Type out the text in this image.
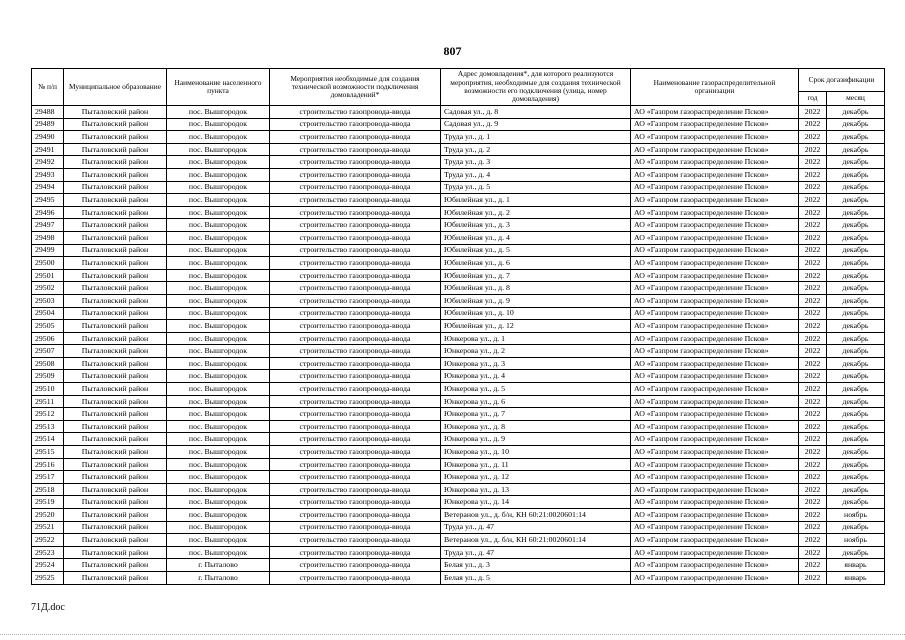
807
№ п/п	Муниципальное образование	Наименование населенного пункта	Мероприятия необходимые для создания технической возможности подключения домовладений*	Адрес домовладения*, для которого реализуются мероприятия, необходимые для создания технической возможности его подключения (улица, номер домовладения)	Наименование газораспределительной организации	Срок догазификации	
						год	месяц
29488	Пыталовский район	пос. Вышгородок	строительство газопровода-ввода	Садовая ул., д. 8	АО «Газпром газораспределение Псков»	2022	декабрь
29489	Пыталовский район	пос. Вышгородок	строительство газопровода-ввода	Садовая ул., д. 9	АО «Газпром газораспределение Псков»	2022	декабрь
29490	Пыталовский район	пос. Вышгородок	строительство газопровода-ввода	Труда ул., д. 1	АО «Газпром газораспределение Псков»	2022	декабрь
29491	Пыталовский район	пос. Вышгородок	строительство газопровода-ввода	Труда ул., д. 2	АО «Газпром газораспределение Псков»	2022	декабрь
29492	Пыталовский район	пос. Вышгородок	строительство газопровода-ввода	Труда ул., д. 3	АО «Газпром газораспределение Псков»	2022	декабрь
29493	Пыталовский район	пос. Вышгородок	строительство газопровода-ввода	Труда ул., д. 4	АО «Газпром газораспределение Псков»	2022	декабрь
29494	Пыталовский район	пос. Вышгородок	строительство газопровода-ввода	Труда ул., д. 5	АО «Газпром газораспределение Псков»	2022	декабрь
29495	Пыталовский район	пос. Вышгородок	строительство газопровода-ввода	Юбилейная ул., д. 1	АО «Газпром газораспределение Псков»	2022	декабрь
29496	Пыталовский район	пос. Вышгородок	строительство газопровода-ввода	Юбилейная ул., д. 2	АО «Газпром газораспределение Псков»	2022	декабрь
29497	Пыталовский район	пос. Вышгородок	строительство газопровода-ввода	Юбилейная ул., д. 3	АО «Газпром газораспределение Псков»	2022	декабрь
29498	Пыталовский район	пос. Вышгородок	строительство газопровода-ввода	Юбилейная ул., д. 4	АО «Газпром газораспределение Псков»	2022	декабрь
29499	Пыталовский район	пос. Вышгородок	строительство газопровода-ввода	Юбилейная ул., д. 5	АО «Газпром газораспределение Псков»	2022	декабрь
29500	Пыталовский район	пос. Вышгородок	строительство газопровода-ввода	Юбилейная ул., д. 6	АО «Газпром газораспределение Псков»	2022	декабрь
29501	Пыталовский район	пос. Вышгородок	строительство газопровода-ввода	Юбилейная ул., д. 7	АО «Газпром газораспределение Псков»	2022	декабрь
29502	Пыталовский район	пос. Вышгородок	строительство газопровода-ввода	Юбилейная ул., д. 8	АО «Газпром газораспределение Псков»	2022	декабрь
29503	Пыталовский район	пос. Вышгородок	строительство газопровода-ввода	Юбилейная ул., д. 9	АО «Газпром газораспределение Псков»	2022	декабрь
29504	Пыталовский район	пос. Вышгородок	строительство газопровода-ввода	Юбилейная ул., д. 10	АО «Газпром газораспределение Псков»	2022	декабрь
29505	Пыталовский район	пос. Вышгородок	строительство газопровода-ввода	Юбилейная ул., д. 12	АО «Газпром газораспределение Псков»	2022	декабрь
29506	Пыталовский район	пос. Вышгородок	строительство газопровода-ввода	Юнкерова ул., д. 1	АО «Газпром газораспределение Псков»	2022	декабрь
29507	Пыталовский район	пос. Вышгородок	строительство газопровода-ввода	Юнкерова ул., д. 2	АО «Газпром газораспределение Псков»	2022	декабрь
29508	Пыталовский район	пос. Вышгородок	строительство газопровода-ввода	Юнкерова ул., д. 3	АО «Газпром газораспределение Псков»	2022	декабрь
29509	Пыталовский район	пос. Вышгородок	строительство газопровода-ввода	Юнкерова ул., д. 4	АО «Газпром газораспределение Псков»	2022	декабрь
29510	Пыталовский район	пос. Вышгородок	строительство газопровода-ввода	Юнкерова ул., д. 5	АО «Газпром газораспределение Псков»	2022	декабрь
29511	Пыталовский район	пос. Вышгородок	строительство газопровода-ввода	Юнкерова ул., д. 6	АО «Газпром газораспределение Псков»	2022	декабрь
29512	Пыталовский район	пос. Вышгородок	строительство газопровода-ввода	Юнкерова ул., д. 7	АО «Газпром газораспределение Псков»	2022	декабрь
29513	Пыталовский район	пос. Вышгородок	строительство газопровода-ввода	Юнкерова ул., д. 8	АО «Газпром газораспределение Псков»	2022	декабрь
29514	Пыталовский район	пос. Вышгородок	строительство газопровода-ввода	Юнкерова ул., д. 9	АО «Газпром газораспределение Псков»	2022	декабрь
29515	Пыталовский район	пос. Вышгородок	строительство газопровода-ввода	Юнкерова ул., д. 10	АО «Газпром газораспределение Псков»	2022	декабрь
29516	Пыталовский район	пос. Вышгородок	строительство газопровода-ввода	Юнкерова ул., д. 11	АО «Газпром газораспределение Псков»	2022	декабрь
29517	Пыталовский район	пос. Вышгородок	строительство газопровода-ввода	Юнкерова ул., д. 12	АО «Газпром газораспределение Псков»	2022	декабрь
29518	Пыталовский район	пос. Вышгородок	строительство газопровода-ввода	Юнкерова ул., д. 13	АО «Газпром газораспределение Псков»	2022	декабрь
29519	Пыталовский район	пос. Вышгородок	строительство газопровода-ввода	Юнкерова ул., д. 14	АО «Газпром газораспределение Псков»	2022	декабрь
29520	Пыталовский район	пос. Вышгородок	строительство газопровода-ввода	Ветеранов ул., д. б/н, КН 60:21:0020601:14	АО «Газпром газораспределение Псков»	2022	ноябрь
29521	Пыталовский район	пос. Вышгородок	строительство газопровода-ввода	Труда ул., д. 47	АО «Газпром газораспределение Псков»	2022	декабрь
29522	Пыталовский район	пос. Вышгородок	строительство газопровода-ввода	Ветеранов ул., д. б/н, КН 60:21:0020601:14	АО «Газпром газораспределение Псков»	2022	ноябрь
29523	Пыталовский район	пос. Вышгородок	строительство газопровода-ввода	Труда ул., д. 47	АО «Газпром газораспределение Псков»	2022	декабрь
29524	Пыталовский район	г. Пыталово	строительство газопровода-ввода	Белая ул., д. 3	АО «Газпром газораспределение Псков»	2022	январь
29525	Пыталовский район	г. Пыталово	строительство газопровода-ввода	Белая ул., д. 5	АО «Газпром газораспределение Псков»	2022	январь
71Д.doc
